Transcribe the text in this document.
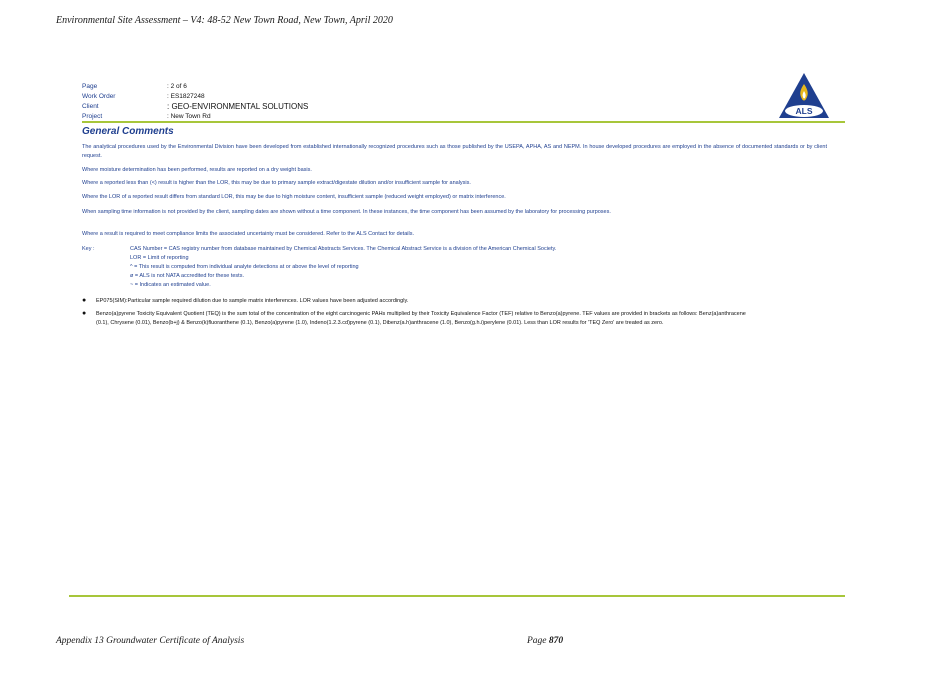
Environmental Site Assessment – V4: 48-52 New Town Road, New Town, April 2020
Page	: 2 of 6
Work Order	: ES1827248
Client	: GEO-ENVIRONMENTAL SOLUTIONS
Project	: New Town Rd
ALS
General Comments
The analytical procedures used by the Environmental Division have been developed from established internationally recognized procedures such as those published by the USEPA, APHA, AS and NEPM. In house developed procedures are employed in the absence of documented standards or by client request.
Where moisture determination has been performed, results are reported on a dry weight basis.
Where a reported less than (<) result is higher than the LOR, this may be due to primary sample extract/digestate dilution and/or insufficient sample for analysis.
Where the LOR of a reported result differs from standard LOR, this may be due to high moisture content, insufficient sample (reduced weight employed) or matrix interference.
When sampling time information is not provided by the client, sampling dates are shown without a time component. In these instances, the time component has been assumed by the laboratory for processing purposes.
Where a result is required to meet compliance limits the associated uncertainty must be considered. Refer to the ALS Contact for details.
Key :	CAS Number = CAS registry number from database maintained by Chemical Abstracts Services. The Chemical Abstract Service is a division of the American Chemical Society.
LOR = Limit of reporting
^ = This result is computed from individual analyte detections at or above the level of reporting
ø = ALS is not NATA accredited for these tests.
~ = Indicates an estimated value.
●	EP075(SIM):Particular sample required dilution due to sample matrix interferences. LOR values have been adjusted accordingly.
●	Benzo(a)pyrene Toxicity Equivalent Quotient (TEQ) is the sum total of the concentration of the eight carcinogenic PAHs multiplied by their Toxicity Equivalence Factor (TEF) relative to Benzo(a)pyrene. TEF values are provided in brackets as follows: Benz(a)anthracene (0.1), Chrysene (0.01), Benzo(b+j) & Benzo(k)fluoranthene (0.1), Benzo(a)pyrene (1.0), Indeno(1.2.3.cd)pyrene (0.1), Dibenz(a.h)anthracene (1.0), Benzo(g.h.i)perylene (0.01). Less than LOR results for 'TEQ Zero' are treated as zero.
Appendix 13 Groundwater Certificate of Analysis	Page 870
